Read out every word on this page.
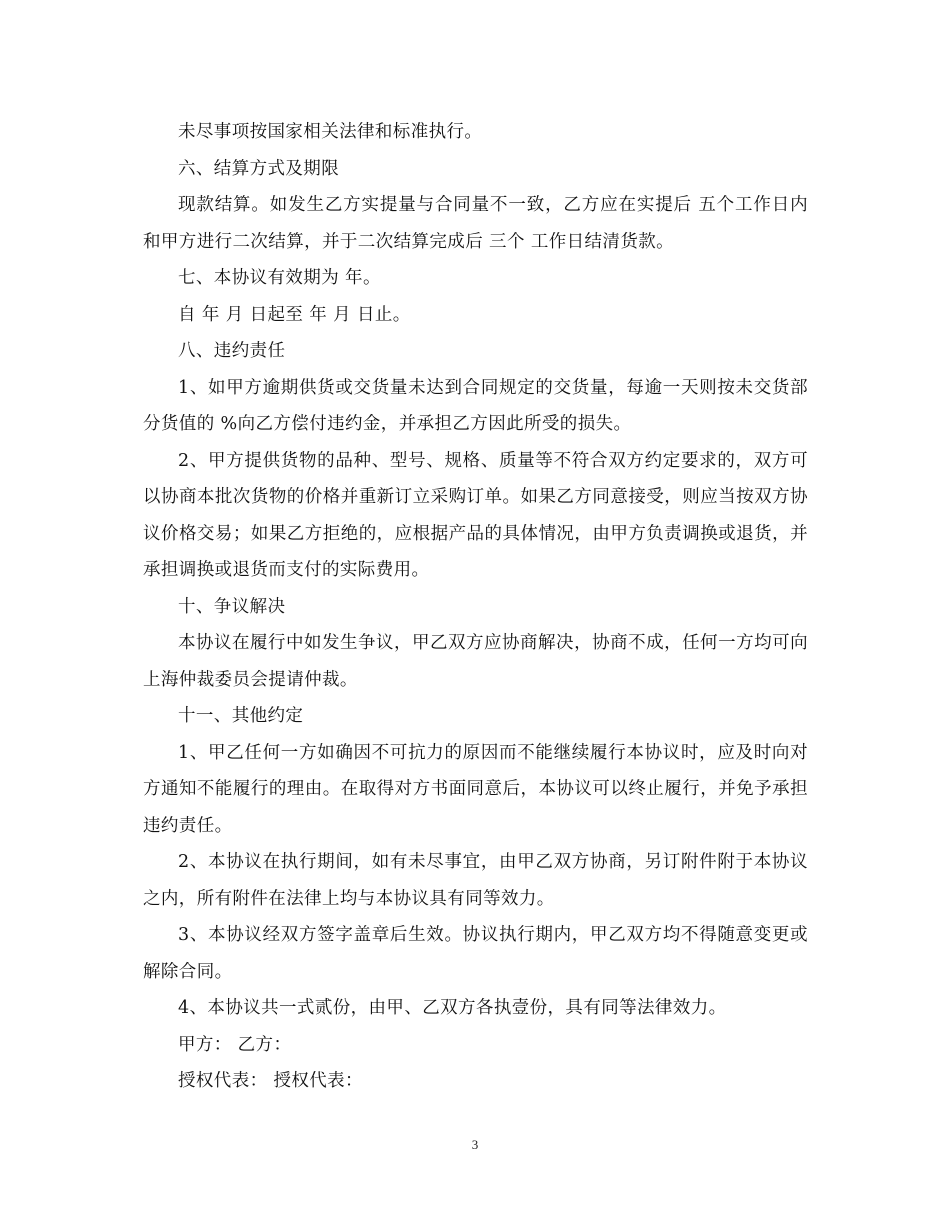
未尽事项按国家相关法律和标准执行。

六、结算方式及期限

现款结算。如发生乙方实提量与合同量不一致，乙方应在实提后 五个工作日内和甲方进行二次结算，并于二次结算完成后 三个 工作日结清货款。

七、本协议有效期为 年。

自 年 月 日起至 年 月 日止。

八、违约责任

1、如甲方逾期供货或交货量未达到合同规定的交货量，每逾一天则按未交货部分货值的 %向乙方偿付违约金，并承担乙方因此所受的损失。

2、甲方提供货物的品种、型号、规格、质量等不符合双方约定要求的，双方可以协商本批次货物的价格并重新订立采购订单。如果乙方同意接受，则应当按双方协议价格交易；如果乙方拒绝的，应根据产品的具体情况，由甲方负责调换或退货，并承担调换或退货而支付的实际费用。

十、争议解决

本协议在履行中如发生争议，甲乙双方应协商解决，协商不成，任何一方均可向上海仲裁委员会提请仲裁。

十一、其他约定

1、甲乙任何一方如确因不可抗力的原因而不能继续履行本协议时，应及时向对方通知不能履行的理由。在取得对方书面同意后，本协议可以终止履行，并免予承担违约责任。

2、本协议在执行期间，如有未尽事宜，由甲乙双方协商，另订附件附于本协议之内，所有附件在法律上均与本协议具有同等效力。

3、本协议经双方签字盖章后生效。协议执行期内，甲乙双方均不得随意变更或解除合同。

4、本协议共一式贰份，由甲、乙双方各执壹份，具有同等法律效力。

甲方： 乙方：

授权代表： 授权代表：

3
